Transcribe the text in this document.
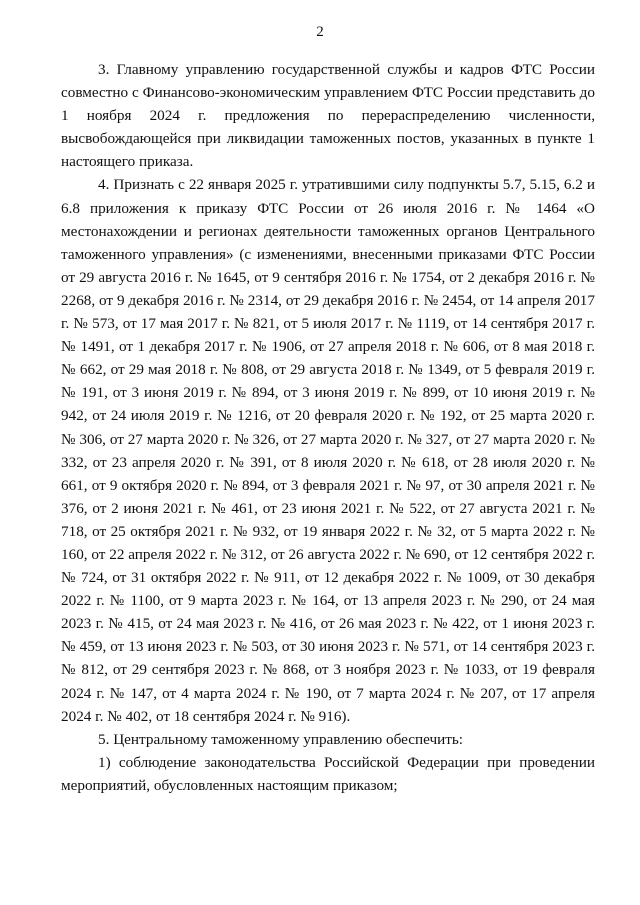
2

3. Главному управлению государственной службы и кадров ФТС России совместно с Финансово-экономическим управлением ФТС России представить до 1 ноября 2024 г. предложения по перераспределению численности, высвобождающейся при ликвидации таможенных постов, указанных в пункте 1 настоящего приказа.

4. Признать с 22 января 2025 г. утратившими силу подпункты 5.7, 5.15, 6.2 и 6.8 приложения к приказу ФТС России от 26 июля 2016 г. № 1464 «О местонахождении и регионах деятельности таможенных органов Центрального таможенного управления» (с изменениями, внесенными приказами ФТС России от 29 августа 2016 г. № 1645, от 9 сентября 2016 г. № 1754, от 2 декабря 2016 г. № 2268, от 9 декабря 2016 г. № 2314, от 29 декабря 2016 г. № 2454, от 14 апреля 2017 г. № 573, от 17 мая 2017 г. № 821, от 5 июля 2017 г. № 1119, от 14 сентября 2017 г. № 1491, от 1 декабря 2017 г. № 1906, от 27 апреля 2018 г. № 606, от 8 мая 2018 г. № 662, от 29 мая 2018 г. № 808, от 29 августа 2018 г. № 1349, от 5 февраля 2019 г. № 191, от 3 июня 2019 г. № 894, от 3 июня 2019 г. № 899, от 10 июня 2019 г. № 942, от 24 июля 2019 г. № 1216, от 20 февраля 2020 г. № 192, от 25 марта 2020 г. № 306, от 27 марта 2020 г. № 326, от 27 марта 2020 г. № 327, от 27 марта 2020 г. № 332, от 23 апреля 2020 г. № 391, от 8 июля 2020 г. № 618, от 28 июля 2020 г. № 661, от 9 октября 2020 г. № 894, от 3 февраля 2021 г. № 97, от 30 апреля 2021 г. № 376, от 2 июня 2021 г. № 461, от 23 июня 2021 г. № 522, от 27 августа 2021 г. № 718, от 25 октября 2021 г. № 932, от 19 января 2022 г. № 32, от 5 марта 2022 г. № 160, от 22 апреля 2022 г. № 312, от 26 августа 2022 г. № 690, от 12 сентября 2022 г. № 724, от 31 октября 2022 г. № 911, от 12 декабря 2022 г. № 1009, от 30 декабря 2022 г. № 1100, от 9 марта 2023 г. № 164, от 13 апреля 2023 г. № 290, от 24 мая 2023 г. № 415, от 24 мая 2023 г. № 416, от 26 мая 2023 г. № 422, от 1 июня 2023 г. № 459, от 13 июня 2023 г. № 503, от 30 июня 2023 г. № 571, от 14 сентября 2023 г. № 812, от 29 сентября 2023 г. № 868, от 3 ноября 2023 г. № 1033, от 19 февраля 2024 г. № 147, от 4 марта 2024 г. № 190, от 7 марта 2024 г. № 207, от 17 апреля 2024 г. № 402, от 18 сентября 2024 г. № 916).

5. Центральному таможенному управлению обеспечить:

1) соблюдение законодательства Российской Федерации при проведении мероприятий, обусловленных настоящим приказом;
